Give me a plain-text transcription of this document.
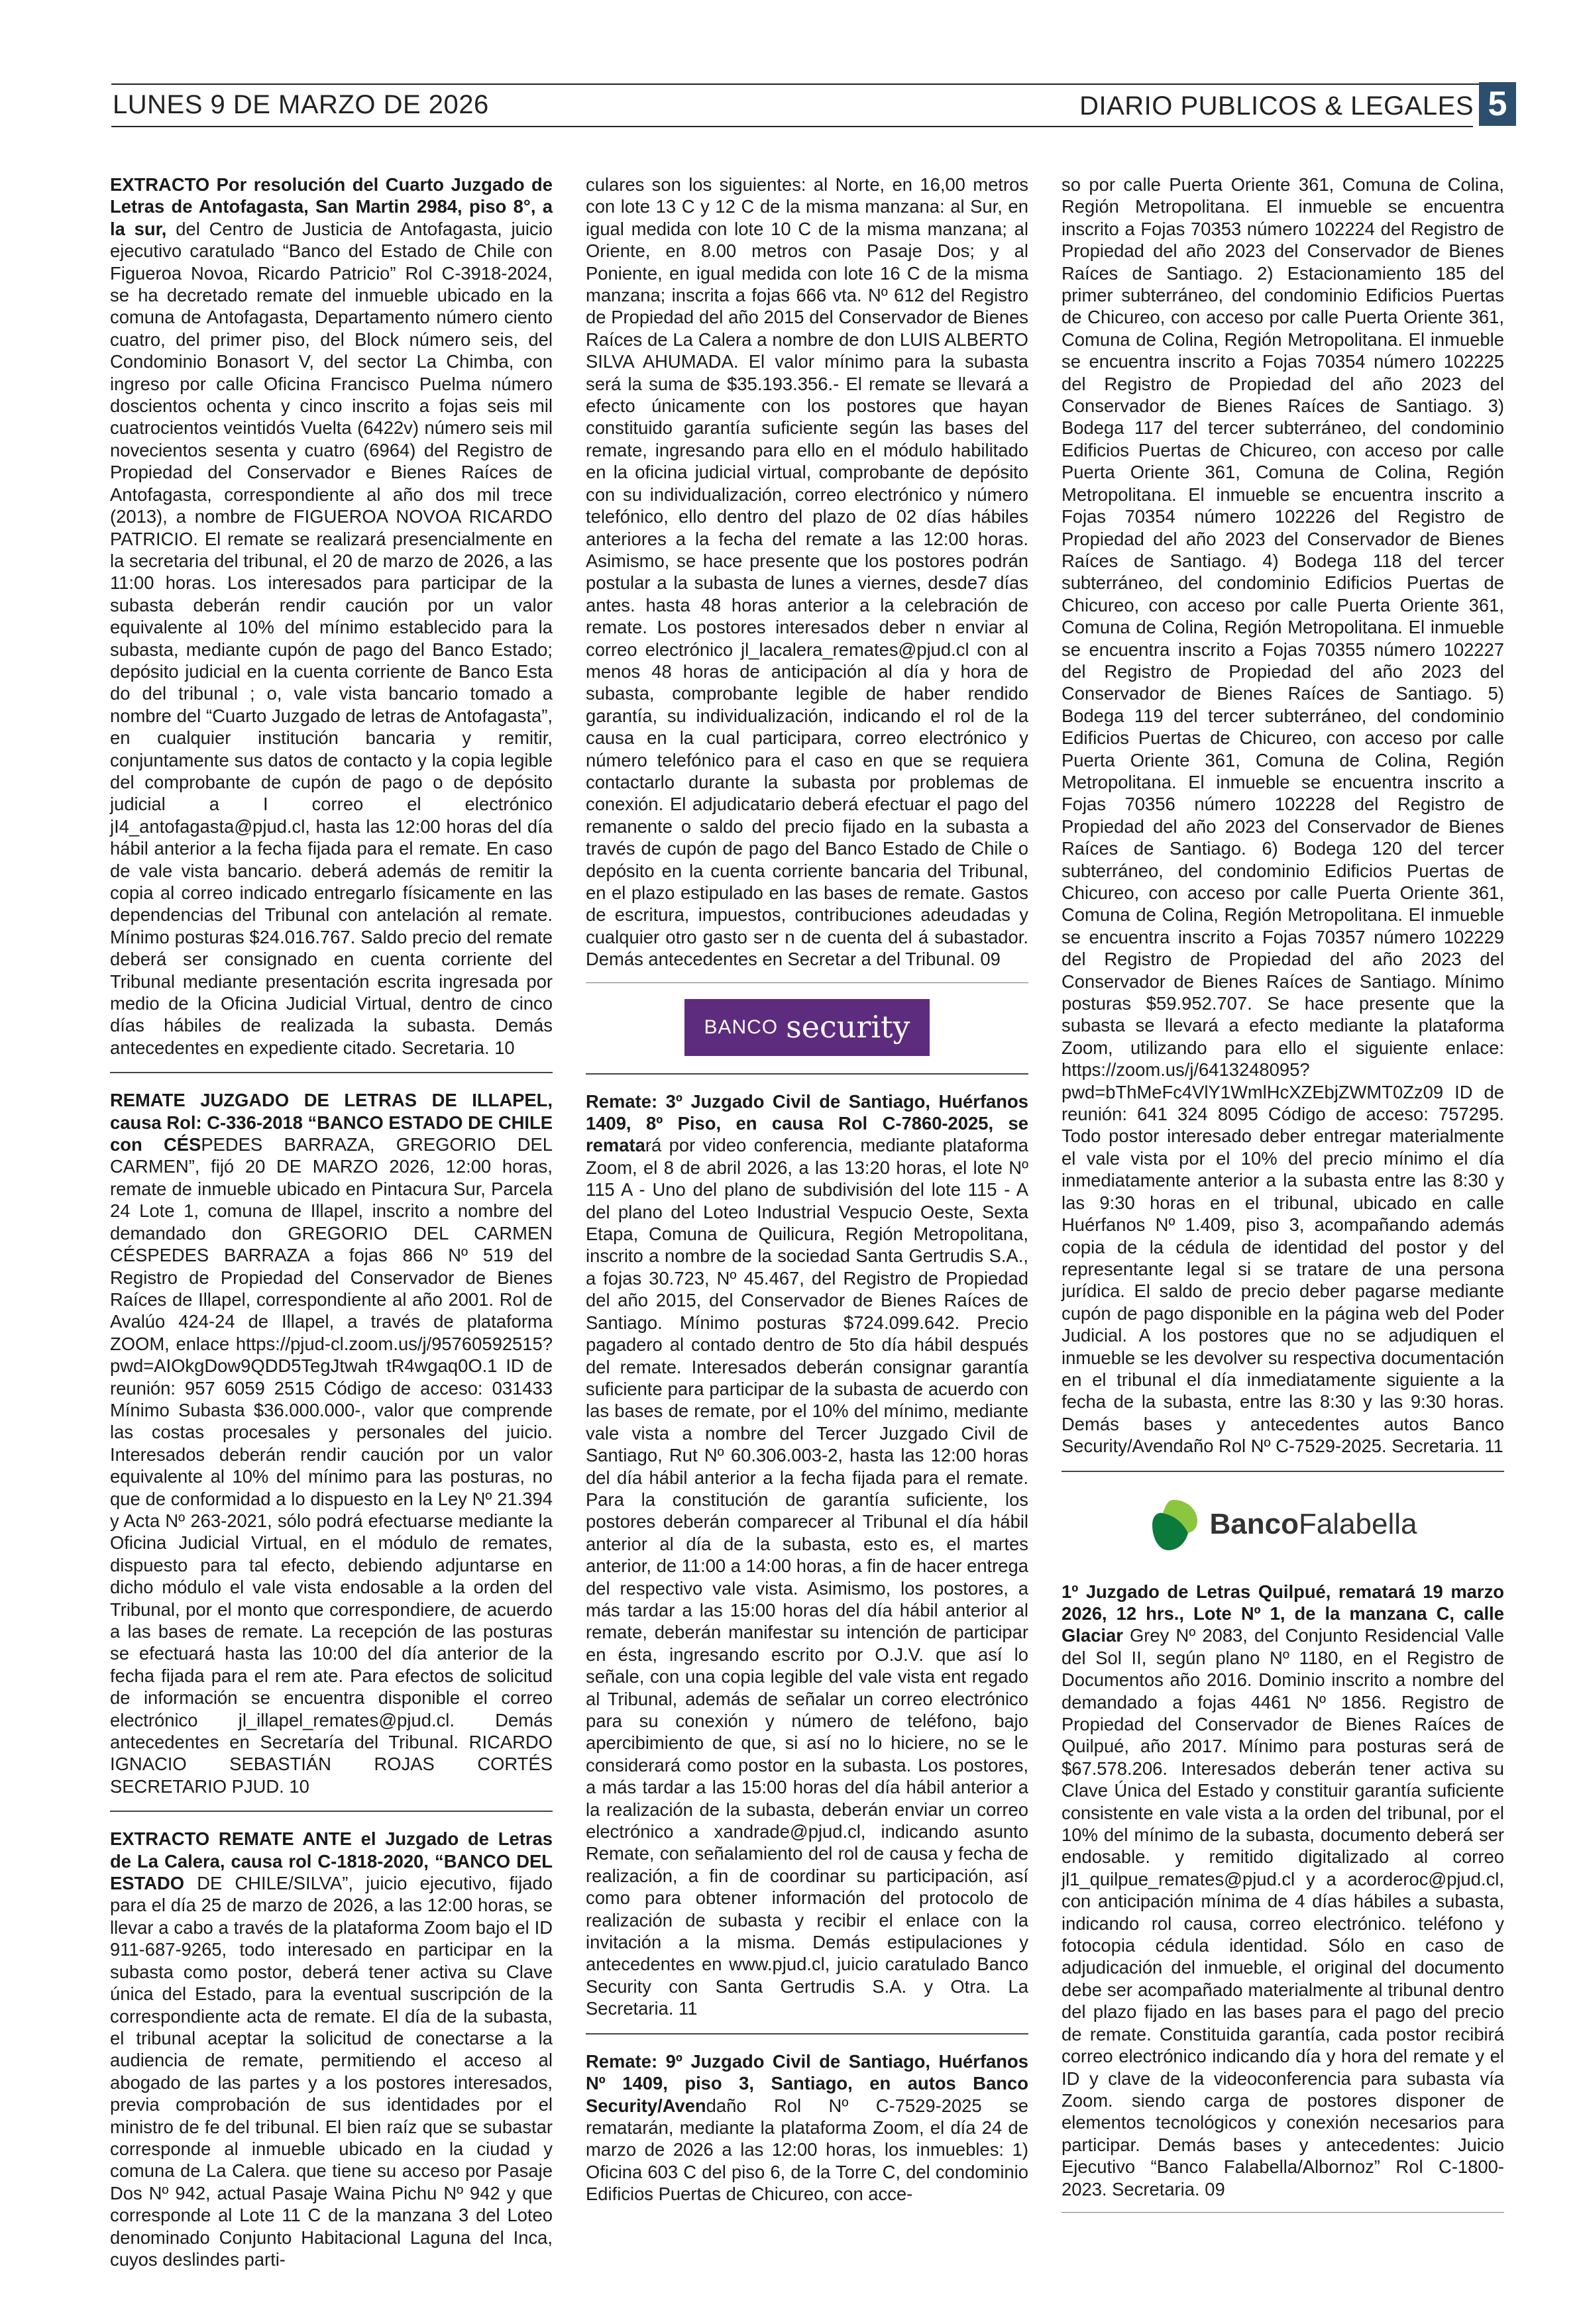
LUNES 9 DE MARZO DE 2026	DIARIO PUBLICOS & LEGALES 5

EXTRACTO Por resolución del Cuarto Juzgado de Letras de Antofagasta, San Martin 2984, piso 8°, a la sur, del Centro de Justicia de Antofagasta, juicio ejecutivo caratulado “Banco del Estado de Chile con Figueroa Novoa, Ricardo Patricio” Rol C-3918-2024, se ha decretado remate del inmueble ubicado en la comuna de Antofagasta, Departamento número ciento cuatro, del primer piso, del Block número seis, del Condominio Bonasort V, del sector La Chimba, con ingreso por calle Oficina Francisco Puelma número doscientos ochenta y cinco inscrito a fojas seis mil cuatrocientos veintidós Vuelta (6422v) número seis mil novecientos sesenta y cuatro (6964) del Registro de Propiedad del Conservador e Bienes Raíces de Antofagasta, correspondiente al año dos mil trece (2013), a nombre de FIGUEROA NOVOA RICARDO PATRICIO. El remate se realizará presencialmente en la secretaria del tribunal, el 20 de marzo de 2026, a las 11:00 horas. Los interesados para participar de la subasta deberán rendir caución por un valor equivalente al 10% del mínimo establecido para la subasta, mediante cupón de pago del Banco Estado; depósito judicial en la cuenta corriente de Banco Esta do del tribunal ; o, vale vista bancario tomado a nombre del “Cuarto Juzgado de letras de Antofagasta”, en cualquier institución bancaria y remitir, conjuntamente sus datos de contacto y la copia legible del comprobante de cupón de pago o de depósito judicial a I correo el electrónico jI4_antofagasta@pjud.cl, hasta las 12:00 horas del día hábil anterior a la fecha fijada para el remate. En caso de vale vista bancario. deberá además de remitir la copia al correo indicado entregarlo físicamente en las dependencias del Tribunal con antelación al remate. Mínimo posturas $24.016.767. Saldo precio del remate deberá ser consignado en cuenta corriente del Tribunal mediante presentación escrita ingresada por medio de la Oficina Judicial Virtual, dentro de cinco días hábiles de realizada la subasta. Demás antecedentes en expediente citado. Secretaria. 10

REMATE JUZGADO DE LETRAS DE ILLAPEL, causa Rol: C-336-2018 “BANCO ESTADO DE CHILE con CÉSPEDES BARRAZA, GREGORIO DEL CARMEN”, fijó 20 DE MARZO 2026, 12:00 horas, remate de inmueble ubicado en Pintacura Sur, Parcela 24 Lote 1, comuna de Illapel, inscrito a nombre del demandado don GREGORIO DEL CARMEN CÉSPEDES BARRAZA a fojas 866 Nº 519 del Registro de Propiedad del Conservador de Bienes Raíces de Illapel, correspondiente al año 2001. Rol de Avalúo 424-24 de Illapel, a través de plataforma ZOOM, enlace https://pjud-cl.zoom.us/j/95760592515?pwd=AIOkgDow9QDD5TegJtwah tR4wgaq0O.1 ID de reunión: 957 6059 2515 Código de acceso: 031433 Mínimo Subasta $36.000.000-, valor que comprende las costas procesales y personales del juicio. Interesados deberán rendir caución por un valor equivalente al 10% del mínimo para las posturas, no que de conformidad a lo dispuesto en la Ley Nº 21.394 y Acta Nº 263-2021, sólo podrá efectuarse mediante la Oficina Judicial Virtual, en el módulo de remates, dispuesto para tal efecto, debiendo adjuntarse en dicho módulo el vale vista endosable a la orden del Tribunal, por el monto que correspondiere, de acuerdo a las bases de remate. La recepción de las posturas se efectuará hasta las 10:00 del día anterior de la fecha fijada para el rem ate. Para efectos de solicitud de información se encuentra disponible el correo electrónico jl_illapel_remates@pjud.cl. Demás antecedentes en Secretaría del Tribunal. RICARDO IGNACIO SEBASTIÁN ROJAS CORTÉS SECRETARIO PJUD. 10

EXTRACTO REMATE ANTE el Juzgado de Letras de La Calera, causa rol C-1818-2020, “BANCO DEL ESTADO DE CHILE/SILVA”, juicio ejecutivo, fijado para el día 25 de marzo de 2026, a las 12:00 horas, se llevar a cabo a través de la plataforma Zoom bajo el ID 911-687-9265, todo interesado en participar en la subasta como postor, deberá tener activa su Clave única del Estado, para la eventual suscripción de la correspondiente acta de remate. El día de la subasta, el tribunal aceptar la solicitud de conectarse a la audiencia de remate, permitiendo el acceso al abogado de las partes y a los postores interesados, previa comprobación de sus identidades por el ministro de fe del tribunal. El bien raíz que se subastar corresponde al inmueble ubicado en la ciudad y comuna de La Calera. que tiene su acceso por Pasaje Dos Nº 942, actual Pasaje Waina Pichu Nº 942 y que corresponde al Lote 11 C de la manzana 3 del Loteo denominado Conjunto Habitacional Laguna del Inca, cuyos deslindes parti-

culares son los siguientes: al Norte, en 16,00 metros con lote 13 C y 12 C de la misma manzana: al Sur, en igual medida con lote 10 C de la misma manzana; al Oriente, en 8.00 metros con Pasaje Dos; y al Poniente, en igual medida con lote 16 C de la misma manzana; inscrita a fojas 666 vta. Nº 612 del Registro de Propiedad del año 2015 del Conservador de Bienes Raíces de La Calera a nombre de don LUIS ALBERTO SILVA AHUMADA. El valor mínimo para la subasta será la suma de $35.193.356.- El remate se llevará a efecto únicamente con los postores que hayan constituido garantía suficiente según las bases del remate, ingresando para ello en el módulo habilitado en la oficina judicial virtual, comprobante de depósito con su individualización, correo electrónico y número telefónico, ello dentro del plazo de 02 días hábiles anteriores a la fecha del remate a las 12:00 horas. Asimismo, se hace presente que los postores podrán postular a la subasta de lunes a viernes, desde7 días antes. hasta 48 horas anterior a la celebración de remate. Los postores interesados deber n enviar al correo electrónico jl_lacalera_remates@pjud.cl con al menos 48 horas de anticipación al día y hora de subasta, comprobante legible de haber rendido garantía, su individualización, indicando el rol de la causa en la cual participara, correo electrónico y número telefónico para el caso en que se requiera contactarlo durante la subasta por problemas de conexión. El adjudicatario deberá efectuar el pago del remanente o saldo del precio fijado en la subasta a través de cupón de pago del Banco Estado de Chile o depósito en la cuenta corriente bancaria del Tribunal, en el plazo estipulado en las bases de remate. Gastos de escritura, impuestos, contribuciones adeudadas y cualquier otro gasto ser n de cuenta del á subastador. Demás antecedentes en Secretar a del Tribunal. 09

BANCO security

Remate: 3º Juzgado Civil de Santiago, Huérfanos 1409, 8º Piso, en causa Rol C-7860-2025, se rematará por video conferencia, mediante plataforma Zoom, el 8 de abril 2026, a las 13:20 horas, el lote Nº 115 A - Uno del plano de subdivisión del lote 115 - A del plano del Loteo Industrial Vespucio Oeste, Sexta Etapa, Comuna de Quilicura, Región Metropolitana, inscrito a nombre de la sociedad Santa Gertrudis S.A., a fojas 30.723, Nº 45.467, del Registro de Propiedad del año 2015, del Conservador de Bienes Raíces de Santiago. Mínimo posturas $724.099.642. Precio pagadero al contado dentro de 5to día hábil después del remate. Interesados deberán consignar garantía suficiente para participar de la subasta de acuerdo con las bases de remate, por el 10% del mínimo, mediante vale vista a nombre del Tercer Juzgado Civil de Santiago, Rut Nº 60.306.003-2, hasta las 12:00 horas del día hábil anterior a la fecha fijada para el remate. Para la constitución de garantía suficiente, los postores deberán comparecer al Tribunal el día hábil anterior al día de la subasta, esto es, el martes anterior, de 11:00 a 14:00 horas, a fin de hacer entrega del respectivo vale vista. Asimismo, los postores, a más tardar a las 15:00 horas del día hábil anterior al remate, deberán manifestar su intención de participar en ésta, ingresando escrito por O.J.V. que así lo señale, con una copia legible del vale vista ent regado al Tribunal, además de señalar un correo electrónico para su conexión y número de teléfono, bajo apercibimiento de que, si así no lo hiciere, no se le considerará como postor en la subasta. Los postores, a más tardar a las 15:00 horas del día hábil anterior a la realización de la subasta, deberán enviar un correo electrónico a xandrade@pjud.cl, indicando asunto Remate, con señalamiento del rol de causa y fecha de realización, a fin de coordinar su participación, así como para obtener información del protocolo de realización de subasta y recibir el enlace con la invitación a la misma. Demás estipulaciones y antecedentes en www.pjud.cl, juicio caratulado Banco Security con Santa Gertrudis S.A. y Otra. La Secretaria. 11

Remate: 9º Juzgado Civil de Santiago, Huérfanos Nº 1409, piso 3, Santiago, en autos Banco Security/Avendaño Rol Nº C-7529-2025 se rematarán, mediante la plataforma Zoom, el día 24 de marzo de 2026 a las 12:00 horas, los inmuebles: 1) Oficina 603 C del piso 6, de la Torre C, del condominio Edificios Puertas de Chicureo, con acce-

so por calle Puerta Oriente 361, Comuna de Colina, Región Metropolitana. El inmueble se encuentra inscrito a Fojas 70353 número 102224 del Registro de Propiedad del año 2023 del Conservador de Bienes Raíces de Santiago. 2) Estacionamiento 185 del primer subterráneo, del condominio Edificios Puertas de Chicureo, con acceso por calle Puerta Oriente 361, Comuna de Colina, Región Metropolitana. El inmueble se encuentra inscrito a Fojas 70354 número 102225 del Registro de Propiedad del año 2023 del Conservador de Bienes Raíces de Santiago. 3) Bodega 117 del tercer subterráneo, del condominio Edificios Puertas de Chicureo, con acceso por calle Puerta Oriente 361, Comuna de Colina, Región Metropolitana. El inmueble se encuentra inscrito a Fojas 70354 número 102226 del Registro de Propiedad del año 2023 del Conservador de Bienes Raíces de Santiago. 4) Bodega 118 del tercer subterráneo, del condominio Edificios Puertas de Chicureo, con acceso por calle Puerta Oriente 361, Comuna de Colina, Región Metropolitana. El inmueble se encuentra inscrito a Fojas 70355 número 102227 del Registro de Propiedad del año 2023 del Conservador de Bienes Raíces de Santiago. 5) Bodega 119 del tercer subterráneo, del condominio Edificios Puertas de Chicureo, con acceso por calle Puerta Oriente 361, Comuna de Colina, Región Metropolitana. El inmueble se encuentra inscrito a Fojas 70356 número 102228 del Registro de Propiedad del año 2023 del Conservador de Bienes Raíces de Santiago. 6) Bodega 120 del tercer subterráneo, del condominio Edificios Puertas de Chicureo, con acceso por calle Puerta Oriente 361, Comuna de Colina, Región Metropolitana. El inmueble se encuentra inscrito a Fojas 70357 número 102229 del Registro de Propiedad del año 2023 del Conservador de Bienes Raíces de Santiago. Mínimo posturas $59.952.707. Se hace presente que la subasta se llevará a efecto mediante la plataforma Zoom, utilizando para ello el siguiente enlace: https://zoom.us/j/6413248095?pwd=bThMeFc4VlY1WmlHcXZEbjZWMT0Zz09 ID de reunión: 641 324 8095 Código de acceso: 757295. Todo postor interesado deber entregar materialmente el vale vista por el 10% del precio mínimo el día inmediatamente anterior a la subasta entre las 8:30 y las 9:30 horas en el tribunal, ubicado en calle Huérfanos Nº 1.409, piso 3, acompañando además copia de la cédula de identidad del postor y del representante legal si se tratare de una persona jurídica. El saldo de precio deber pagarse mediante cupón de pago disponible en la página web del Poder Judicial. A los postores que no se adjudiquen el inmueble se les devolver su respectiva documentación en el tribunal el día inmediatamente siguiente a la fecha de la subasta, entre las 8:30 y las 9:30 horas. Demás bases y antecedentes autos Banco Security/Avendaño Rol Nº C-7529-2025. Secretaria. 11

BancoFalabella

1º Juzgado de Letras Quilpué, rematará 19 marzo 2026, 12 hrs., Lote Nº 1, de la manzana C, calle Glaciar Grey Nº 2083, del Conjunto Residencial Valle del Sol II, según plano Nº 1180, en el Registro de Documentos año 2016. Dominio inscrito a nombre del demandado a fojas 4461 Nº 1856. Registro de Propiedad del Conservador de Bienes Raíces de Quilpué, año 2017. Mínimo para posturas será de $67.578.206. Interesados deberán tener activa su Clave Única del Estado y constituir garantía suficiente consistente en vale vista a la orden del tribunal, por el 10% del mínimo de la subasta, documento deberá ser endosable. y remitido digitalizado al correo jl1_quilpue_remates@pjud.cl y a acorderoc@pjud.cl, con anticipación mínima de 4 días hábiles a subasta, indicando rol causa, correo electrónico. teléfono y fotocopia cédula identidad. Sólo en caso de adjudicación del inmueble, el original del documento debe ser acompañado materialmente al tribunal dentro del plazo fijado en las bases para el pago del precio de remate. Constituida garantía, cada postor recibirá correo electrónico indicando día y hora del remate y el ID y clave de la videoconferencia para subasta vía Zoom. siendo carga de postores disponer de elementos tecnológicos y conexión necesarios para participar. Demás bases y antecedentes: Juicio Ejecutivo “Banco Falabella/Albornoz” Rol C-1800-2023. Secretaria. 09
